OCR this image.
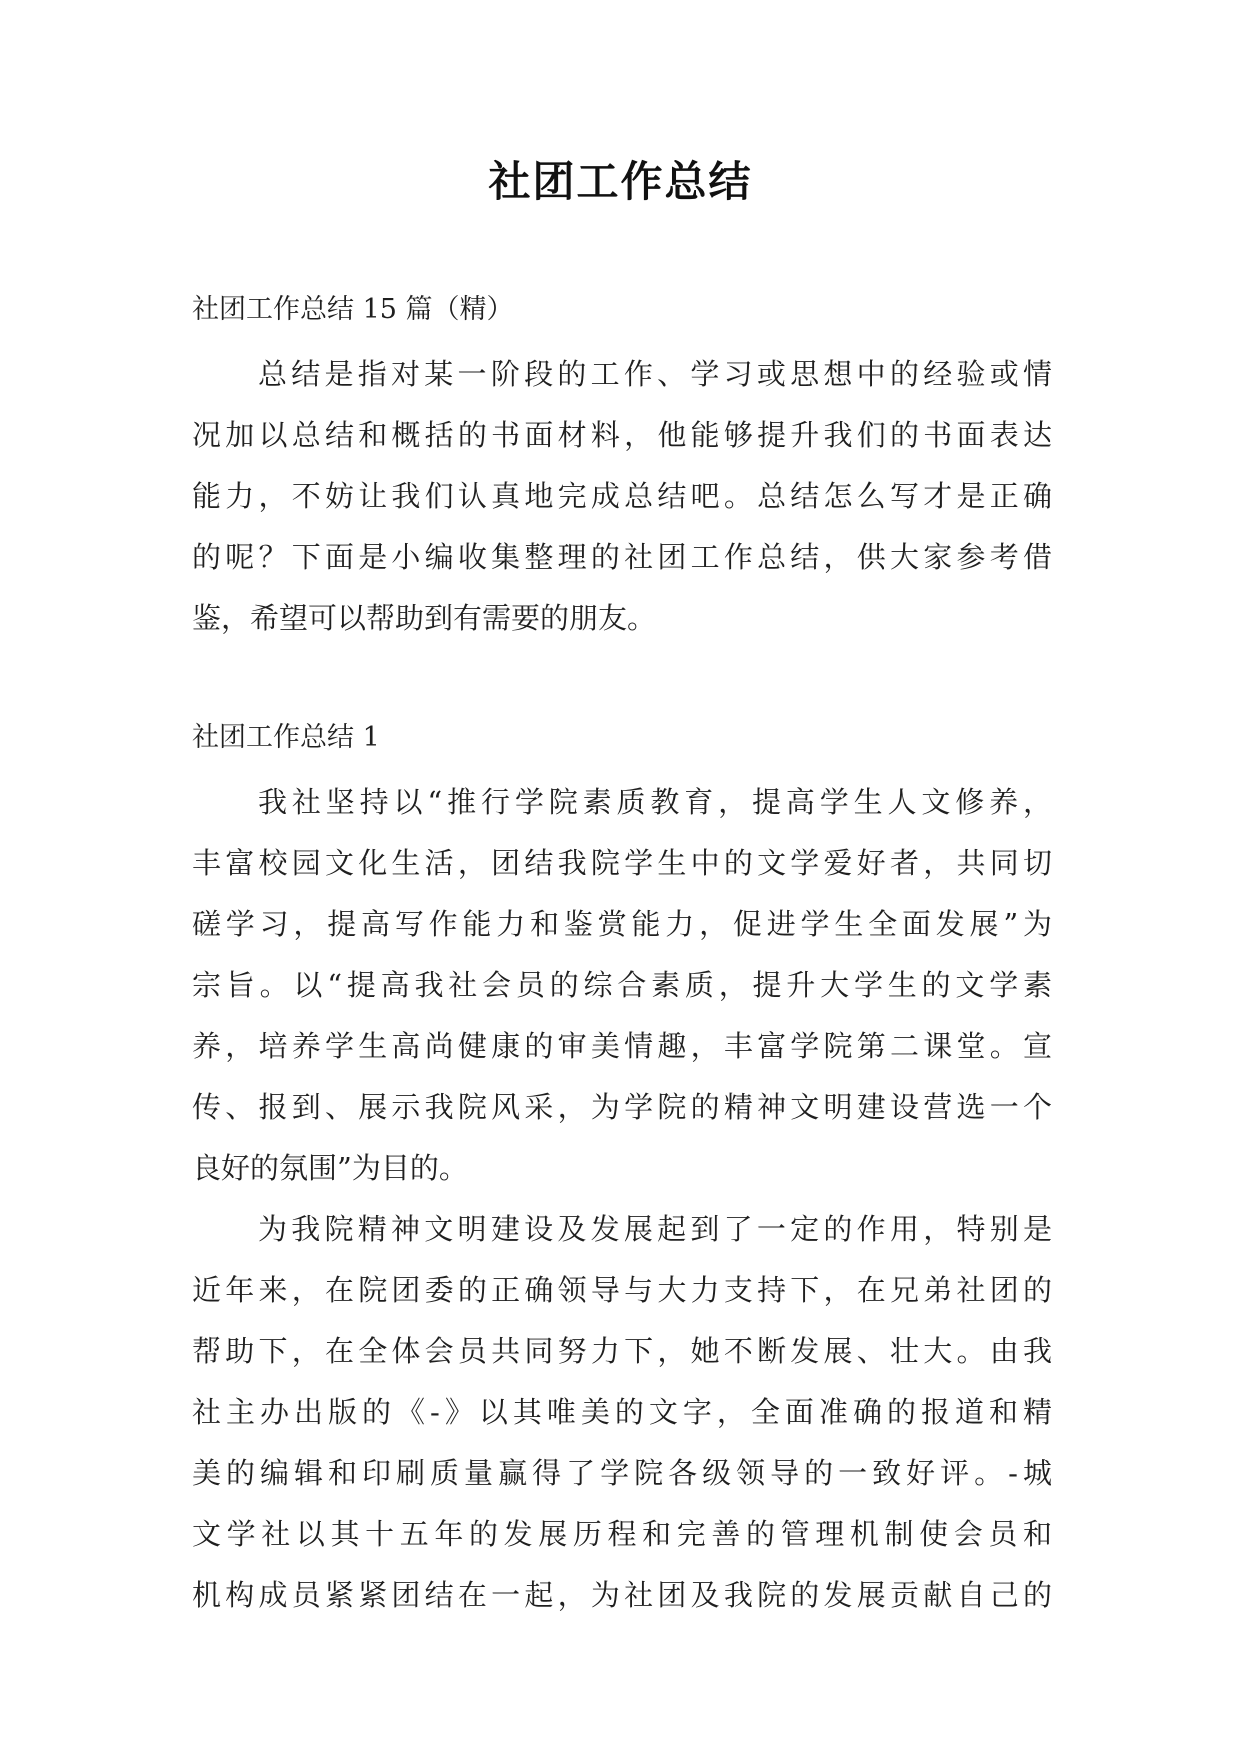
社团工作总结
社团工作总结 15 篇（精）
总结是指对某一阶段的工作、学习或思想中的经验或情
况加以总结和概括的书面材料，他能够提升我们的书面表达
能力，不妨让我们认真地完成总结吧。总结怎么写才是正确
的呢？下面是小编收集整理的社团工作总结，供大家参考借
鉴，希望可以帮助到有需要的朋友。
社团工作总结 1
我社坚持以“推行学院素质教育，提高学生人文修养，
丰富校园文化生活，团结我院学生中的文学爱好者，共同切
磋学习，提高写作能力和鉴赏能力，促进学生全面发展”为
宗旨。以“提高我社会员的综合素质，提升大学生的文学素
养，培养学生高尚健康的审美情趣，丰富学院第二课堂。宣
传、报到、展示我院风采，为学院的精神文明建设营选一个
良好的氛围”为目的。
为我院精神文明建设及发展起到了一定的作用，特别是
近年来，在院团委的正确领导与大力支持下，在兄弟社团的
帮助下，在全体会员共同努力下，她不断发展、壮大。由我
社主办出版的《-》以其唯美的文字，全面准确的报道和精
美的编辑和印刷质量赢得了学院各级领导的一致好评。-城
文学社以其十五年的发展历程和完善的管理机制使会员和
机构成员紧紧团结在一起，为社团及我院的发展贡献自己的
